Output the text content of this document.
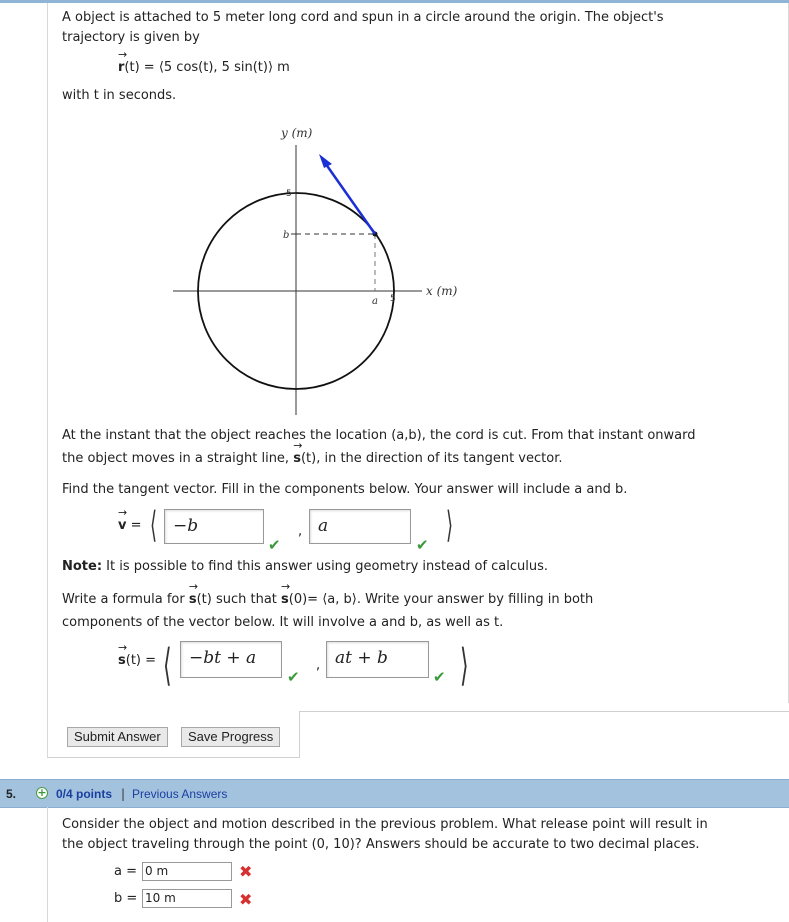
A object is attached to 5 meter long cord and spun in a circle around the origin. The object's
trajectory is given by
→ r(t) = ⟨5 cos(t), 5 sin(t)⟩ m
with t in seconds.
y (m)
x (m)
5
b
a 5
At the instant that the object reaches the location (a,b), the cord is cut. From that instant onward
the object moves in a straight line, → s(t), in the direction of its tangent vector.
Find the tangent vector. Fill in the components below. Your answer will include a and b.
→ v = ⟨ −b
✔
, a
✔ ⟩
Note: It is possible to find this answer using geometry instead of calculus.
Write a formula for → s(t) such that → s(0)= ⟨a, b⟩. Write your answer by filling in both
components of the vector below. It will involve a and b, as well as t.
→ s(t) = ⟨	−bt + a
✔
, at + b
✔ ⟩
Submit Answer	Save Progress
5. + 0/4 points | Previous Answers
Consider the object and motion described in the previous problem. What release point will result in
the object traveling through the point (0, 10)? Answers should be accurate to two decimal places.
a = 0 m	✖
b = 10 m	✖
